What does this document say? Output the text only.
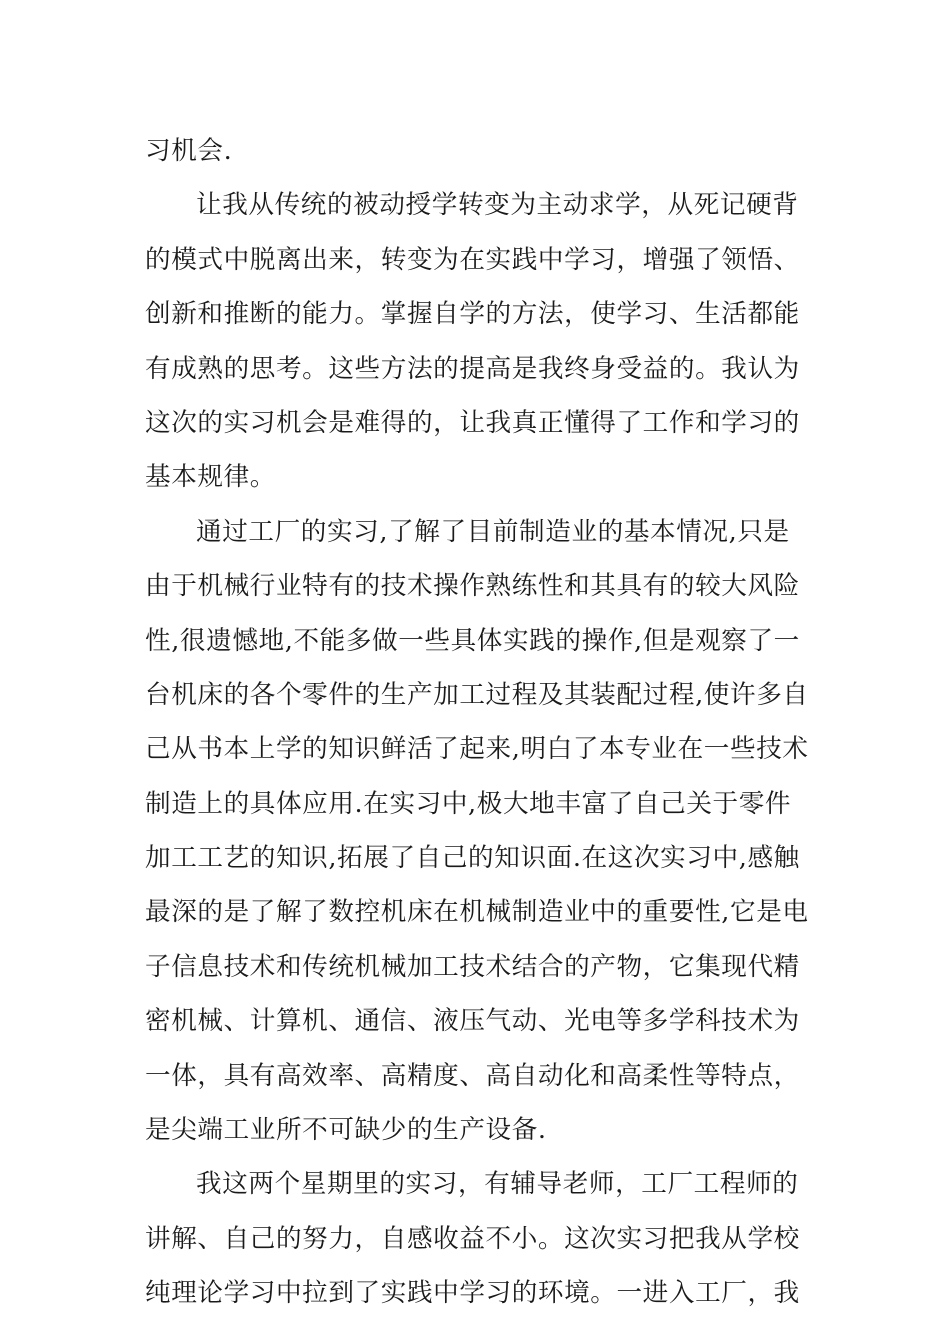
习机会.
让我从传统的被动授学转变为主动求学，从死记硬背
的模式中脱离出来，转变为在实践中学习，增强了领悟、
创新和推断的能力。掌握自学的方法，使学习、生活都能
有成熟的思考。这些方法的提高是我终身受益的。我认为
这次的实习机会是难得的，让我真正懂得了工作和学习的
基本规律。
通过工厂的实习,了解了目前制造业的基本情况,只是
由于机械行业特有的技术操作熟练性和其具有的较大风险
性,很遗憾地,不能多做一些具体实践的操作,但是观察了一
台机床的各个零件的生产加工过程及其装配过程,使许多自
己从书本上学的知识鲜活了起来,明白了本专业在一些技术
制造上的具体应用.在实习中,极大地丰富了自己关于零件
加工工艺的知识,拓展了自己的知识面.在这次实习中,感触
最深的是了解了数控机床在机械制造业中的重要性,它是电
子信息技术和传统机械加工技术结合的产物，它集现代精
密机械、计算机、通信、液压气动、光电等多学科技术为
一体，具有高效率、高精度、高自动化和高柔性等特点，
是尖端工业所不可缺少的生产设备.
我这两个星期里的实习，有辅导老师，工厂工程师的
讲解、自己的努力，自感收益不小。这次实习把我从学校
纯理论学习中拉到了实践中学习的环境。一进入工厂，我
